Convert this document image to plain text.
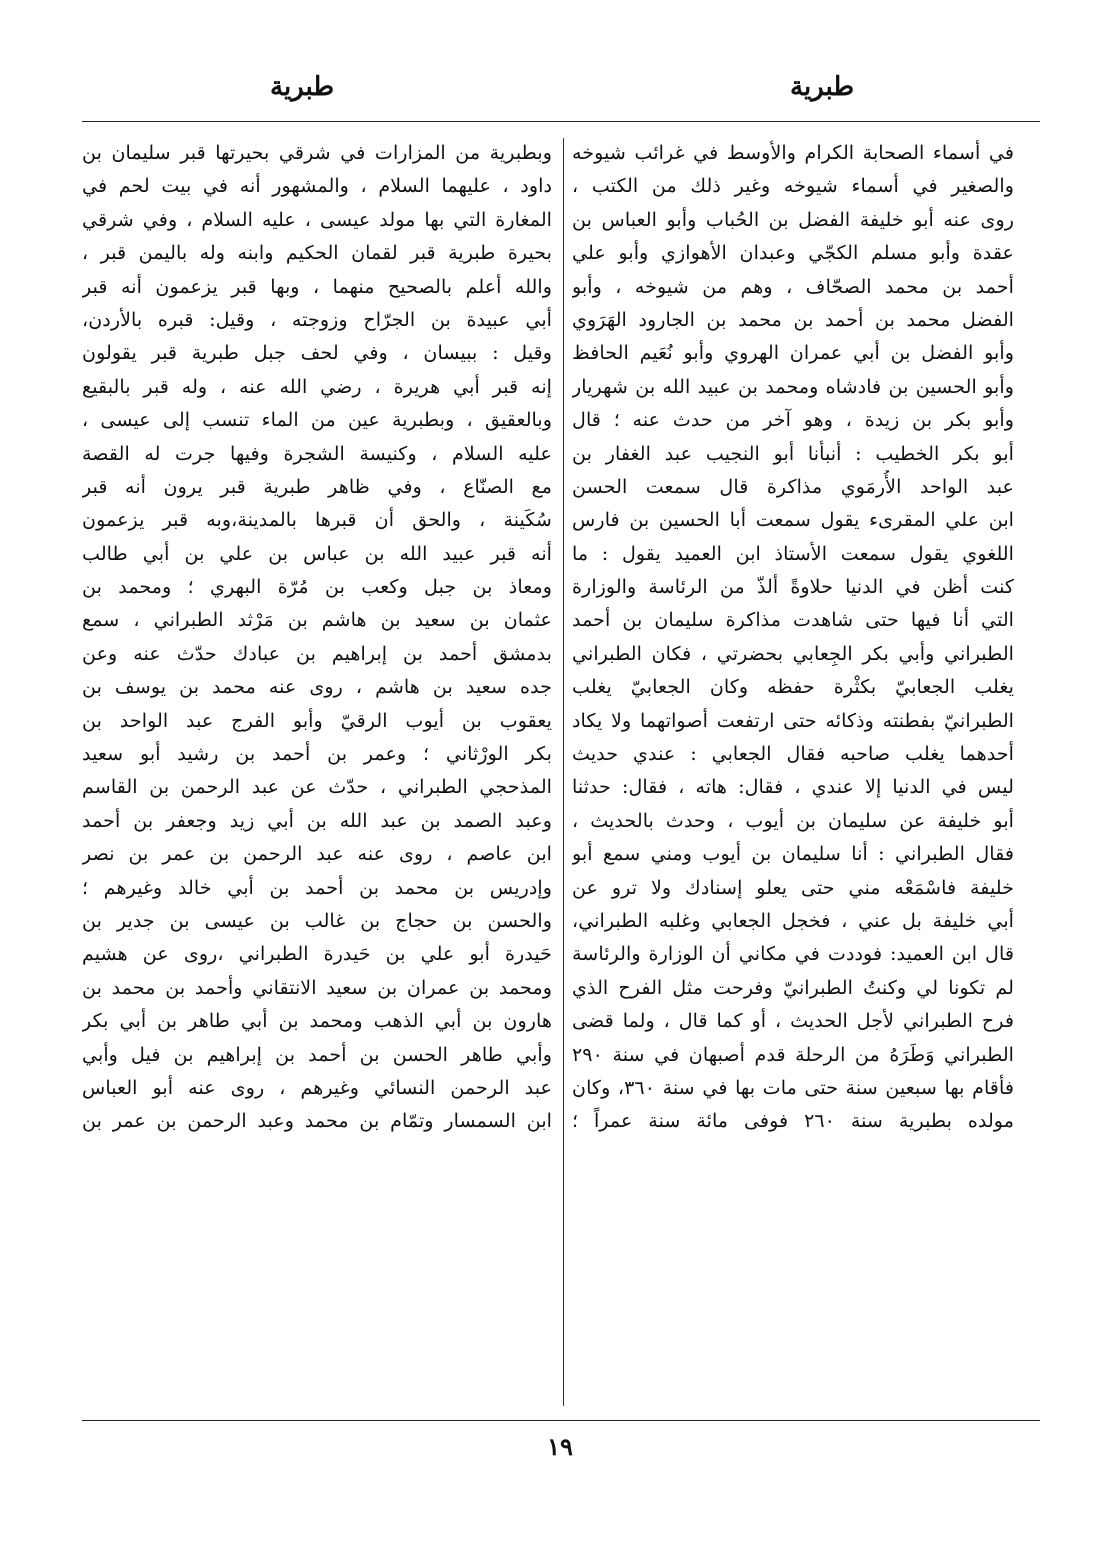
طبرية	طبرية
في أسماء الصحابة الكرام والأوسط في غرائب شيوخه
والصغير في أسماء شيوخه وغير ذلك من الكتب ،
روى عنه أبو خليفة الفضل بن الحُباب وأبو العباس بن
عقدة وأبو مسلم الكجّي وعبدان الأهوازي وأبو علي
أحمد بن محمد الصحّاف ، وهم من شيوخه ، وأبو
الفضل محمد بن أحمد بن محمد بن الجارود الهَرَوي
وأبو الفضل بن أبي عمران الهروي وأبو نُعَيم الحافظ
وأبو الحسين بن فادشاه ومحمد بن عبيد الله بن شهريار
وأبو بكر بن زيدة ، وهو آخر من حدث عنه ؛ قال
أبو بكر الخطيب : أنبأنا أبو النجيب عبد الغفار بن
عبد الواحد الأُرمَوي مذاكرة قال سمعت الحسن
ابن علي المقرىء يقول سمعت أبا الحسين بن فارس
اللغوي يقول سمعت الأستاذ ابن العميد يقول : ما
كنت أظن في الدنيا حلاوةً ألذّ من الرئاسة والوزارة
التي أنا فيها حتى شاهدت مذاكرة سليمان بن أحمد
الطبراني وأبي بكر الجِعابي بحضرتي ، فكان الطبراني
يغلب الجعابيّ بكثْرة حفظه وكان الجعابيّ يغلب
الطبرانيّ بفطنته وذكائه حتى ارتفعت أصواتهما ولا يكاد
أحدهما يغلب صاحبه فقال الجعابي : عندي حديث
ليس في الدنيا إلا عندي ، فقال: هاته ، فقال: حدثنا
أبو خليفة عن سليمان بن أيوب ، وحدث بالحديث ،
فقال الطبراني : أنا سليمان بن أيوب ومني سمع أبو
خليفة فاسْمَعْه مني حتى يعلو إسنادك ولا ترو عن
أبي خليفة بل عني ، فخجل الجعابي وغلبه الطبراني،
قال ابن العميد: فوددت في مكاني أن الوزارة والرئاسة
لم تكونا لي وكنتُ الطبرانيّ وفرحت مثل الفرح الذي
فرح الطبراني لأجل الحديث ، أو كما قال ، ولما قضى
الطبراني وَطَرَهُ من الرحلة قدم أصبهان في سنة ٢٩٠
فأقام بها سبعين سنة حتى مات بها في سنة ٣٦٠، وكان
مولده بطبرية سنة ٢٦٠ فوفى مائة سنة عمراً ؛
وبطبرية من المزارات في شرقي بحيرتها قبر سليمان بن
داود ، عليهما السلام ، والمشهور أنه في بيت لحم في
المغارة التي بها مولد عيسى ، عليه السلام ، وفي شرقي
بحيرة طبرية قبر لقمان الحكيم وابنه وله باليمن قبر ،
والله أعلم بالصحيح منهما ، وبها قبر يزعمون أنه قبر
أبي عبيدة بن الجرّاح وزوجته ، وقيل: قبره بالأردن،
وقيل : ببيسان ، وفي لحف جبل طبرية قبر يقولون
إنه قبر أبي هريرة ، رضي الله عنه ، وله قبر بالبقيع
وبالعقيق ، وبطبرية عين من الماء تنسب إلى عيسى ،
عليه السلام ، وكنيسة الشجرة وفيها جرت له القصة
مع الصنّاع ، وفي ظاهر طبرية قبر يرون أنه قبر
سُكَينة ، والحق أن قبرها بالمدينة،وبه قبر يزعمون
أنه قبر عبيد الله بن عباس بن علي بن أبي طالب
ومعاذ بن جبل وكعب بن مُرّة البهري ؛ ومحمد بن
عثمان بن سعيد بن هاشم بن مَرْثد الطبراني ، سمع
بدمشق أحمد بن إبراهيم بن عبادك حدّث عنه وعن
جده سعيد بن هاشم ، روى عنه محمد بن يوسف بن
يعقوب بن أيوب الرقيّ وأبو الفرج عبد الواحد بن
بكر الورْثاني ؛ وعمر بن أحمد بن رشيد أبو سعيد
المذحجي الطبراني ، حدّث عن عبد الرحمن بن القاسم
وعبد الصمد بن عبد الله بن أبي زيد وجعفر بن أحمد
ابن عاصم ، روى عنه عبد الرحمن بن عمر بن نصر
وإدريس بن محمد بن أحمد بن أبي خالد وغيرهم ؛
والحسن بن حجاج بن غالب بن عيسى بن جدير بن
حَيدرة أبو علي بن حَيدرة الطبراني ،روى عن هشيم
ومحمد بن عمران بن سعيد الانتقاني وأحمد بن محمد بن
هارون بن أبي الذهب ومحمد بن أبي طاهر بن أبي بكر
وأبي طاهر الحسن بن أحمد بن إبراهيم بن فيل وأبي
عبد الرحمن النسائي وغيرهم ، روى عنه أبو العباس
ابن السمسار وتمّام بن محمد وعبد الرحمن بن عمر بن
١٩
